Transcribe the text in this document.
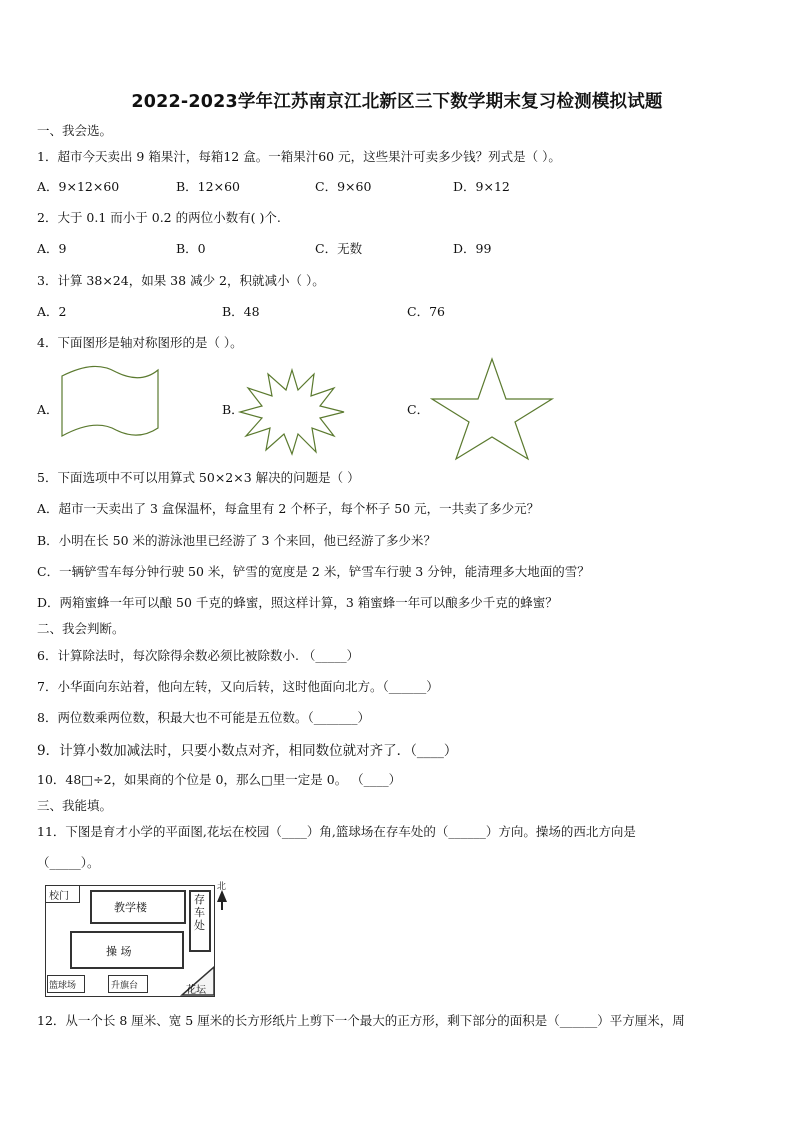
2022-2023学年江苏南京江北新区三下数学期末复习检测模拟试题
一、我会选。
1．超市今天卖出 9 箱果汁，每箱12 盒。一箱果汁60 元，这些果汁可卖多少钱？列式是（ ）。
A．9×12×60	B．12×60	C．9×60	D．9×12
2．大于 0.1 而小于 0.2 的两位小数有( )个.
A．9	B．0	C．无数	D．99
3．计算 38×24，如果 38 减少 2，积就减小（ ）。
A．2	B．48	C．76
4．下面图形是轴对称图形的是（ ）。
A．	B．	C．
5．下面选项中不可以用算式 50×2×3 解决的问题是（ ）
A．超市一天卖出了 3 盒保温杯，每盒里有 2 个杯子，每个杯子 50 元，一共卖了多少元？
B．小明在长 50 米的游泳池里已经游了 3 个来回，他已经游了多少米？
C．一辆铲雪车每分钟行驶 50 米，铲雪的宽度是 2 米，铲雪车行驶 3 分钟，能清理多大地面的雪？
D．两箱蜜蜂一年可以酿 50 千克的蜂蜜，照这样计算，3 箱蜜蜂一年可以酿多少千克的蜂蜜？
二、我会判断。
6．计算除法时，每次除得余数必须比被除数小. （_____）
7．小华面向东站着，他向左转，又向后转，这时他面向北方。（______）
8．两位数乘两位数，积最大也不可能是五位数。（_______）
9．计算小数加减法时，只要小数点对齐，相同数位就对齐了．（____）
10．48□÷2，如果商的个位是 0，那么□里一定是 0。 （____）
三、我能填。
11．下图是育才小学的平面图,花坛在校园（____）角,篮球场在存车处的（______）方向。操场的西北方向是
（_____）。
校门
教学楼
存车处
操 场
篮球场	升旗台	花坛
北
12．从一个长 8 厘米、宽 5 厘米的长方形纸片上剪下一个最大的正方形，剩下部分的面积是（______）平方厘米，周
